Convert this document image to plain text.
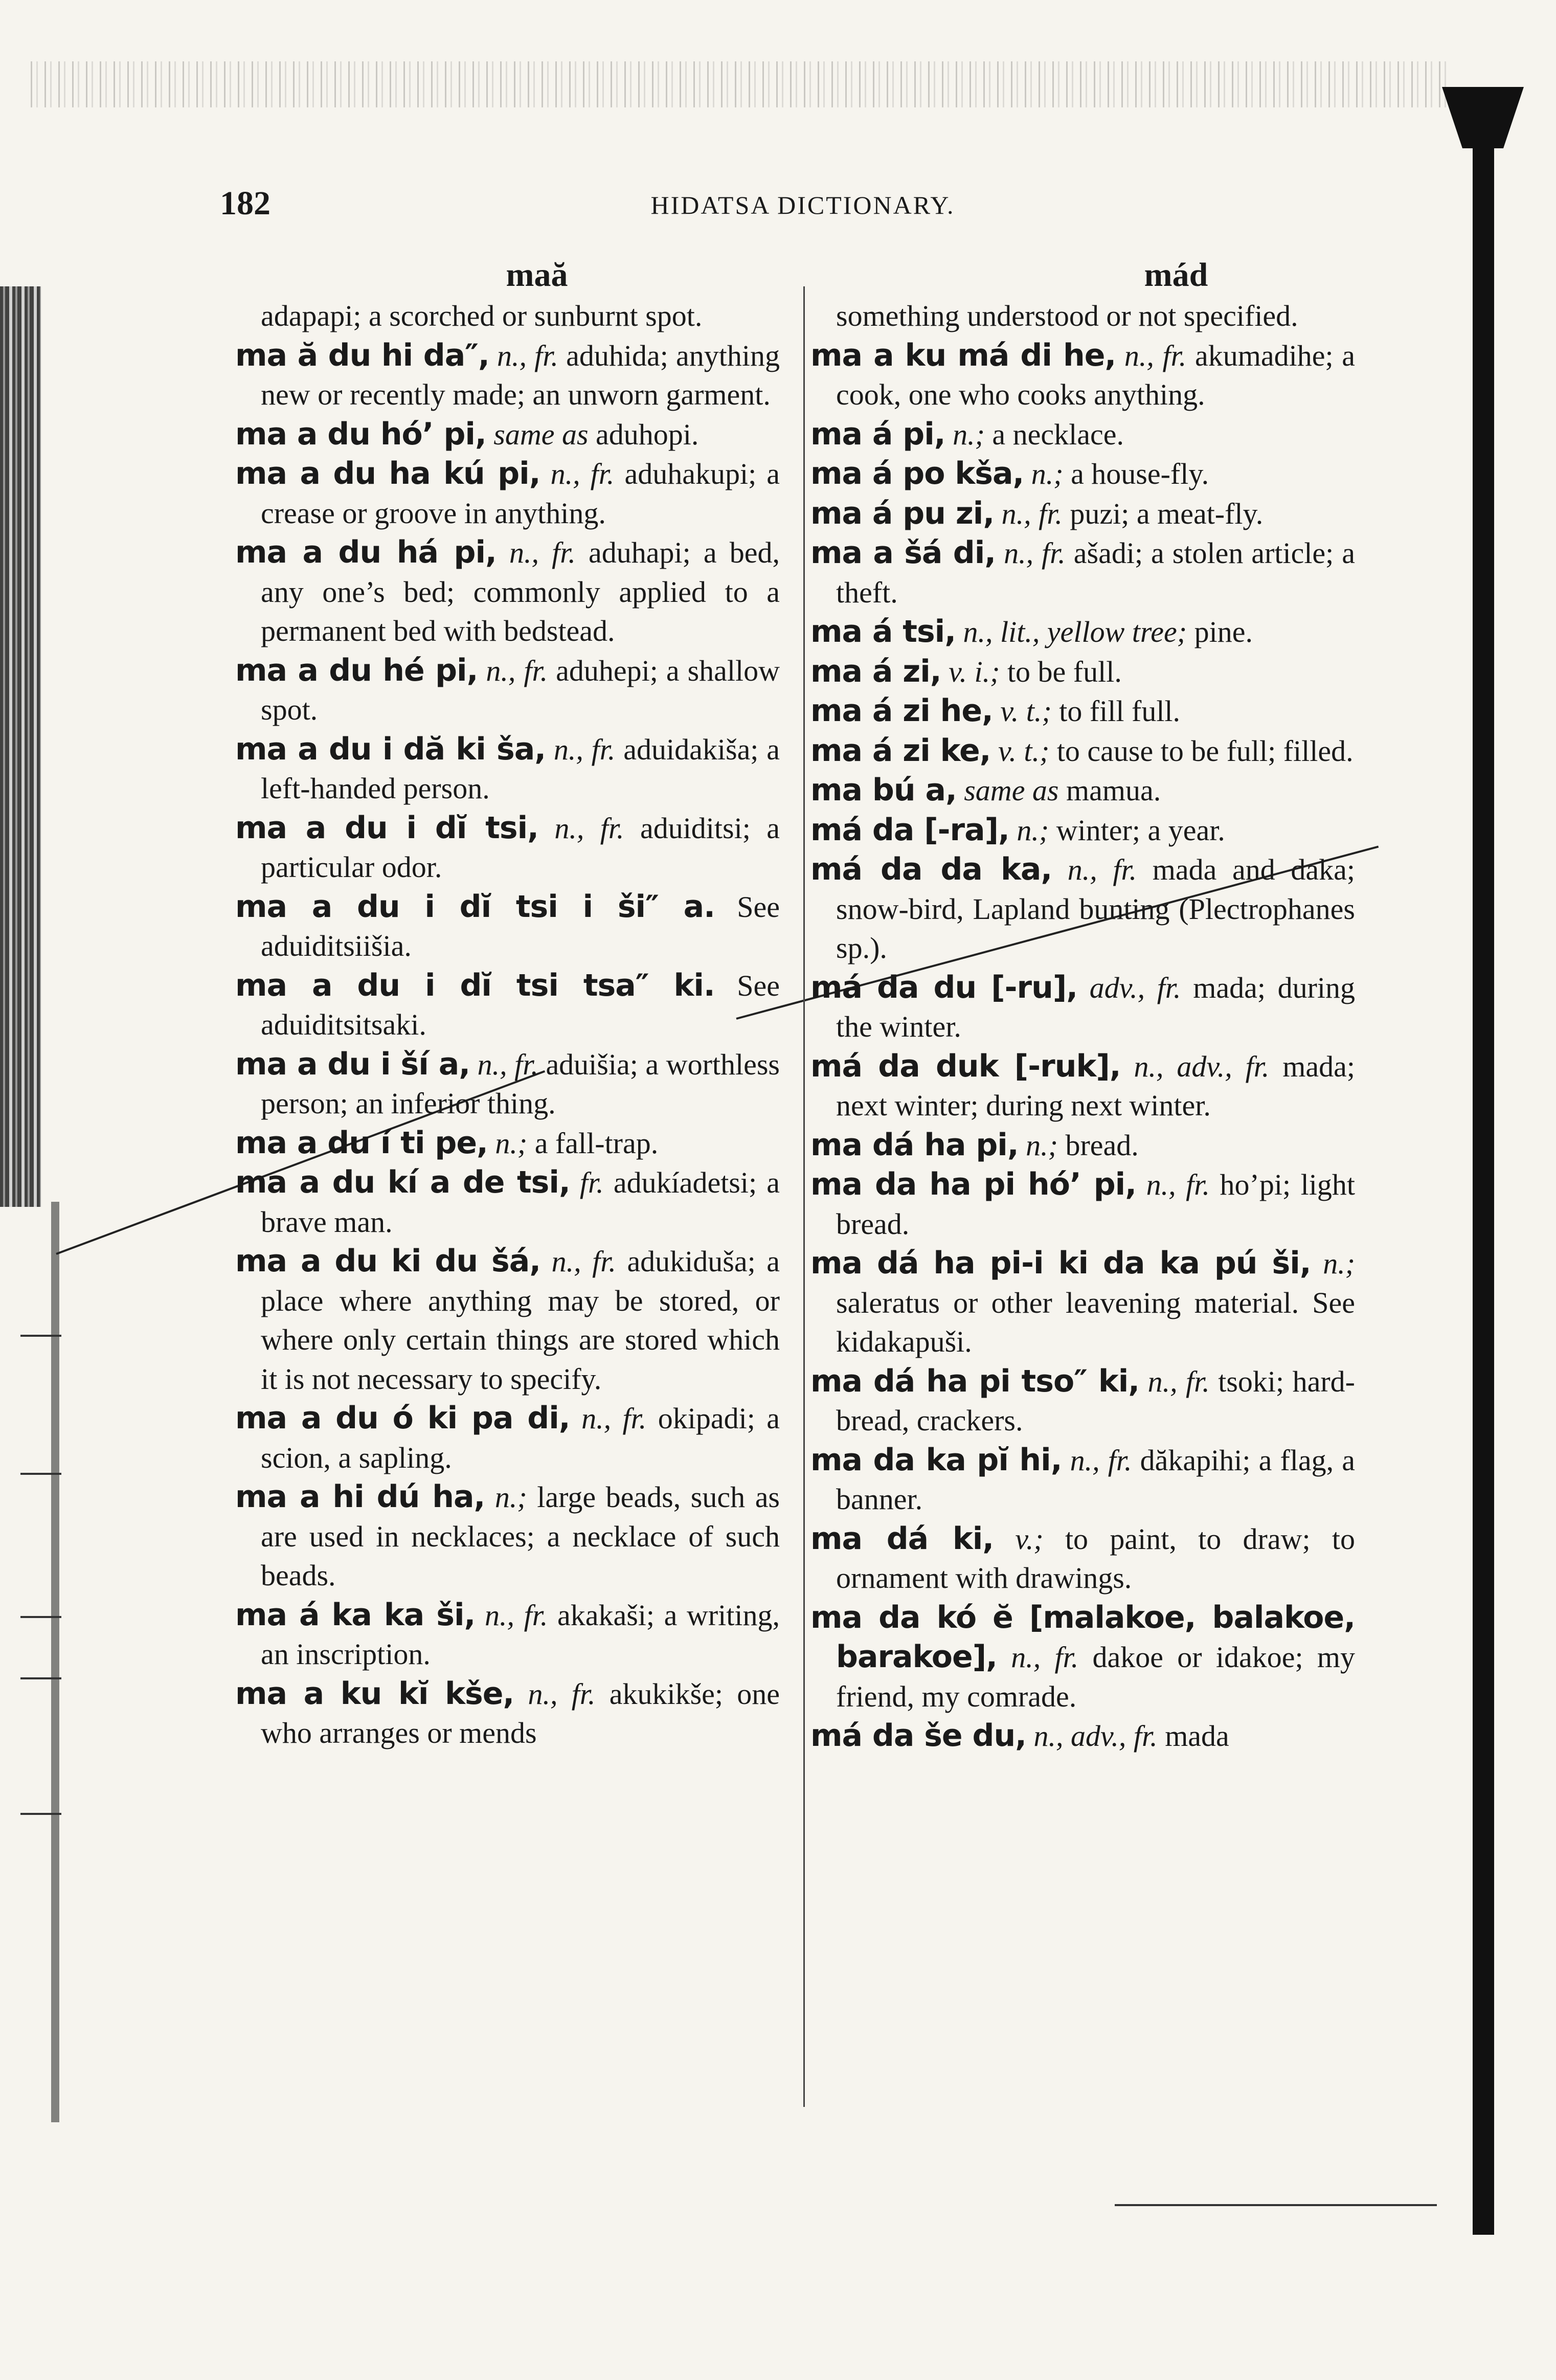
182	HIDATSA DICTIONARY.
maă	mád

adapapi; a scorched or sunburnt spot.

ma ă du hi da″, n., fr. aduhida; anything new or recently made; an unworn garment.

ma a du hó’ pi, same as aduhopi.

ma a du ha kú pi, n., fr. aduhakupi; a crease or groove in anything.

ma a du há pi, n., fr. aduhapi; a bed, any one’s bed; commonly applied to a permanent bed with bedstead.

ma a du hé pi, n., fr. aduhepi; a shallow spot.

ma a du i dă ki ša, n., fr. aduidakiša; a left-handed person.

ma a du i dĭ tsi, n., fr. aduiditsi; a particular odor.

ma a du i dĭ tsi i ši″ a. See aduiditsiišia.

ma a du i dĭ tsi tsa″ ki. See aduiditsitsaki.

ma a du i ší a, n., fr. aduišia; a worthless person; an inferior thing.

ma a du í ti pe, n.; a fall-trap.

ma a du kí a de tsi, fr. adukíadetsi; a brave man.

ma a du ki du šá, n., fr. adukiduša; a place where anything may be stored, or where only certain things are stored which it is not necessary to specify.

ma a du ó ki pa di, n., fr. okipadi; a scion, a sapling.

ma a hi dú ha, n.; large beads, such as are used in necklaces; a necklace of such beads.

ma á ka ka ši, n., fr. akakaši; a writing, an inscription.

ma a ku kĭ kše, n., fr. akukikše; one who arranges or mends

something understood or not specified.

ma a ku má di he, n., fr. akumadihe; a cook, one who cooks anything.

ma á pi, n.; a necklace.

ma á po kša, n.; a house-fly.

ma á pu zi, n., fr. puzi; a meat-fly.

ma a šá di, n., fr. ašadi; a stolen article; a theft.

ma á tsi, n., lit., yellow tree; pine.

ma á zi, v. i.; to be full.

ma á zi he, v. t.; to fill full.

ma á zi ke, v. t.; to cause to be full; filled.

ma bú a, same as mamua.

má da [-ra], n.; winter; a year.

má da da ka, n., fr. mada and daka; snow-bird, Lapland bunting (Plectrophanes sp.).

má da du [-ru], adv., fr. mada; during the winter.

má da duk [-ruk], n., adv., fr. mada; next winter; during next winter.

ma dá ha pi, n.; bread.

ma da ha pi hó’ pi, n., fr. ho’pi; light bread.

ma dá ha pi-i ki da ka pú ši, n.; saleratus or other leavening material. See kidakapuši.

ma dá ha pi tso″ ki, n., fr. tsoki; hard-bread, crackers.

ma da ka pĭ hi, n., fr. dăkapihi; a flag, a banner.

ma dá ki, v.; to paint, to draw; to ornament with drawings.

ma da kó ĕ [malakoe, balakoe, barakoe], n., fr. dakoe or idakoe; my friend, my comrade.

má da še du, n., adv., fr. mada
